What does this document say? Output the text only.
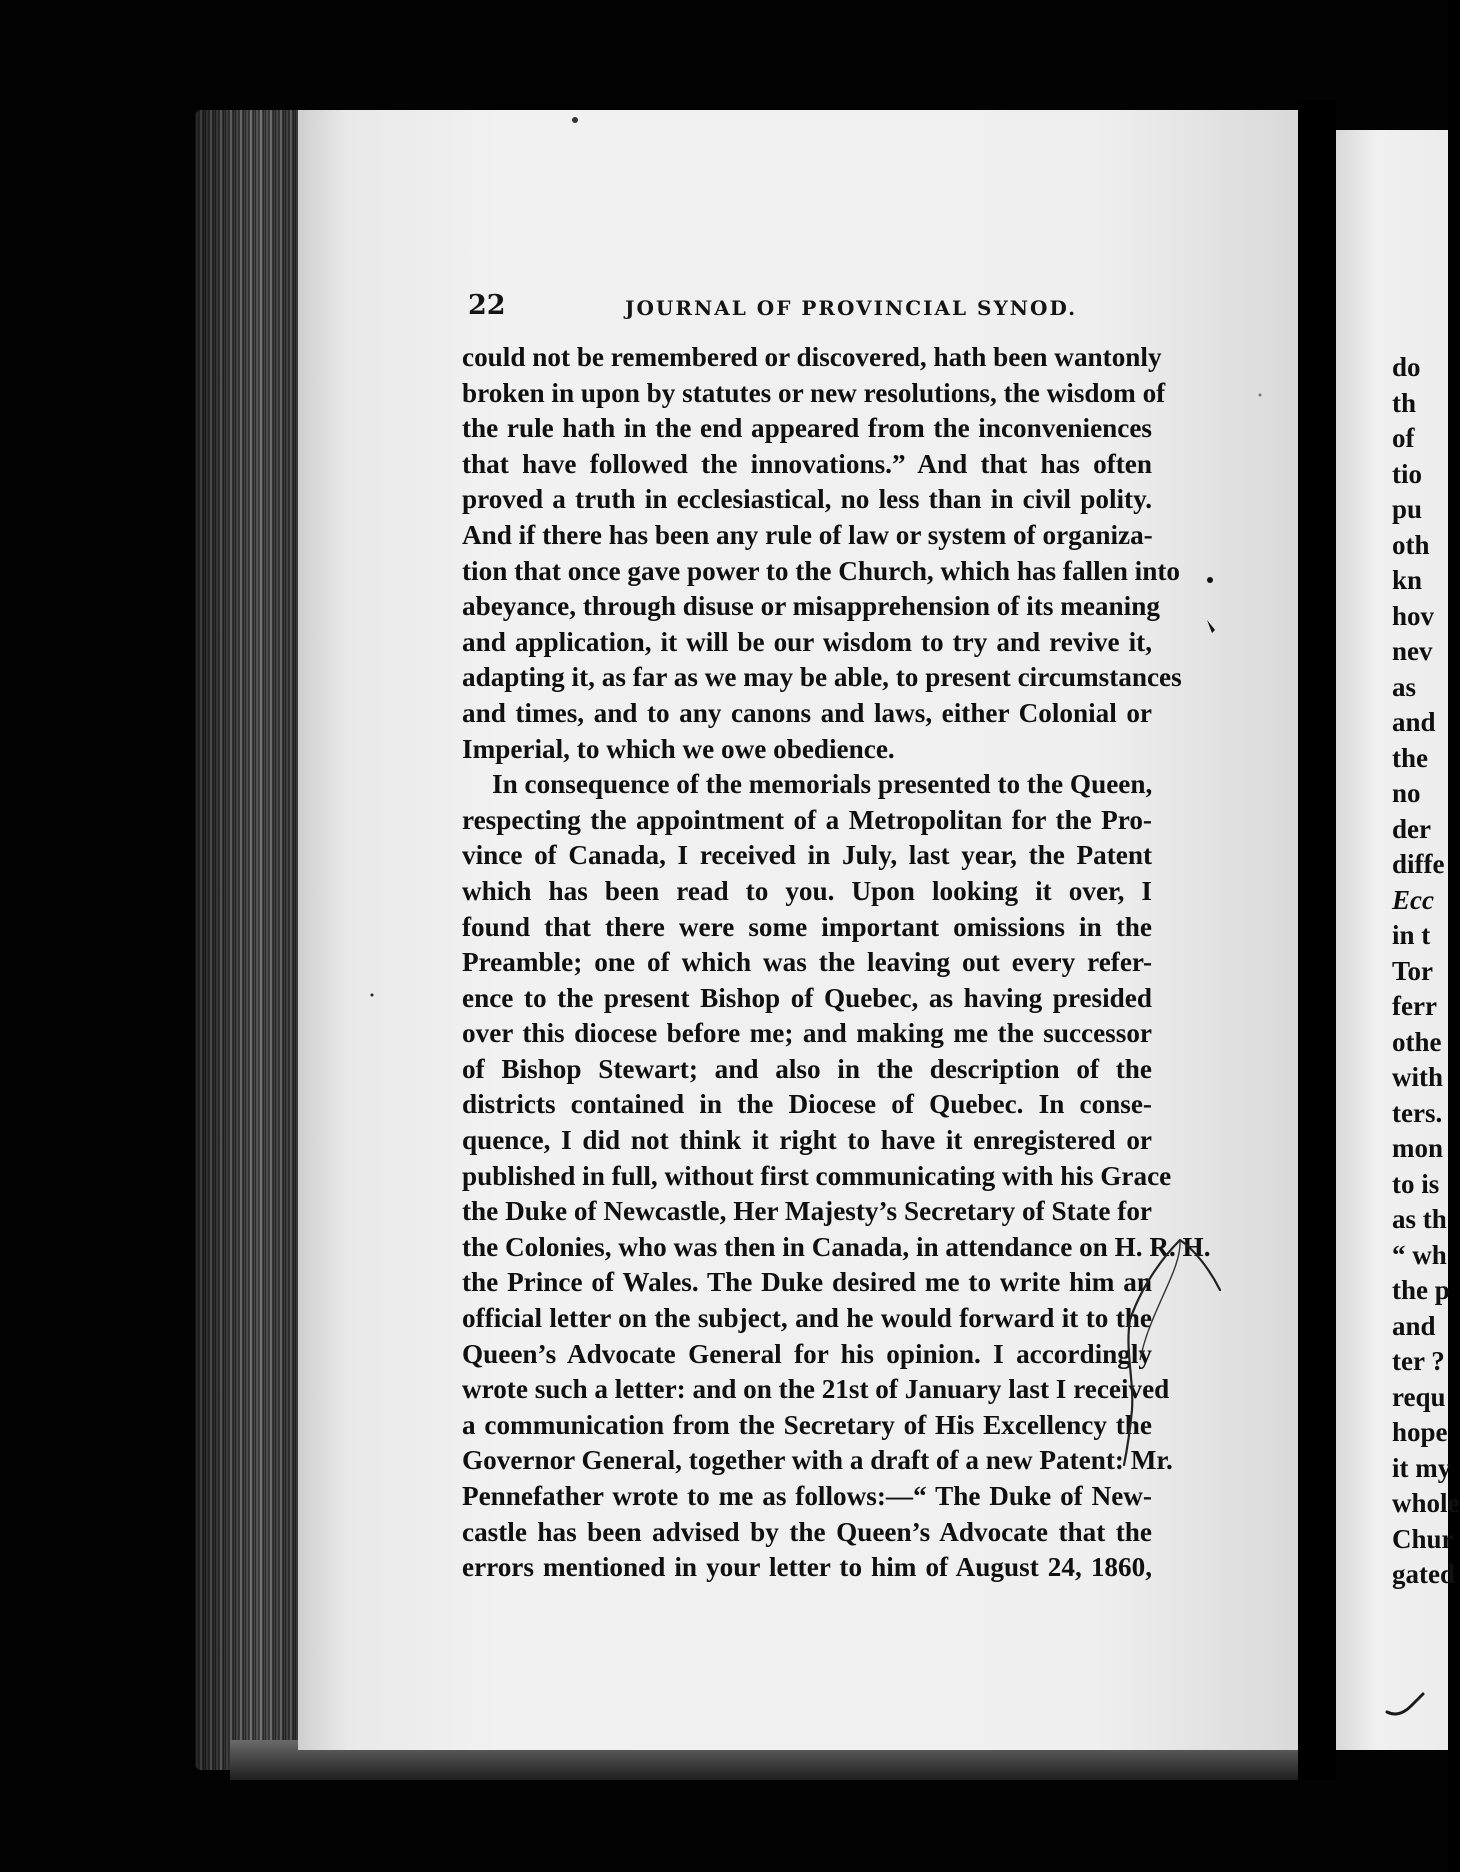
22	JOURNAL OF PROVINCIAL SYNOD.
could not be remembered or discovered, hath been wantonly
broken in upon by statutes or new resolutions, the wisdom of
the rule hath in the end appeared from the inconveniences
that have followed the innovations.” And that has often
proved a truth in ecclesiastical, no less than in civil polity.
And if there has been any rule of law or system of organiza-
tion that once gave power to the Church, which has fallen into
abeyance, through disuse or misapprehension of its meaning
and application, it will be our wisdom to try and revive it,
adapting it, as far as we may be able, to present circumstances
and times, and to any canons and laws, either Colonial or
Imperial, to which we owe obedience.
In consequence of the memorials presented to the Queen,
respecting the appointment of a Metropolitan for the Pro-
vince of Canada, I received in July, last year, the Patent
which has been read to you. Upon looking it over, I
found that there were some important omissions in the
Preamble; one of which was the leaving out every refer-
ence to the present Bishop of Quebec, as having presided
over this diocese before me; and making me the successor
of Bishop Stewart; and also in the description of the
districts contained in the Diocese of Quebec. In conse-
quence, I did not think it right to have it enregistered or
published in full, without first communicating with his Grace
the Duke of Newcastle, Her Majesty’s Secretary of State for
the Colonies, who was then in Canada, in attendance on H. R. H.
the Prince of Wales. The Duke desired me to write him an
official letter on the subject, and he would forward it to the
Queen’s Advocate General for his opinion. I accordingly
wrote such a letter: and on the 21st of January last I received
a communication from the Secretary of His Excellency the
Governor General, together with a draft of a new Patent: Mr.
Pennefather wrote to me as follows:—“ The Duke of New-
castle has been advised by the Queen’s Advocate that the
errors mentioned in your letter to him of August 24, 1860,
do
th
of
tio
pu
oth
kn
hov
nev
as
and
the
no
der
diffe
Ecc
in t
Tor
ferr
othe
with
ters.
mon
to is
as th
“ wh
the p
and
ter ?
requ
hope
it my
whole
Chur
gated
